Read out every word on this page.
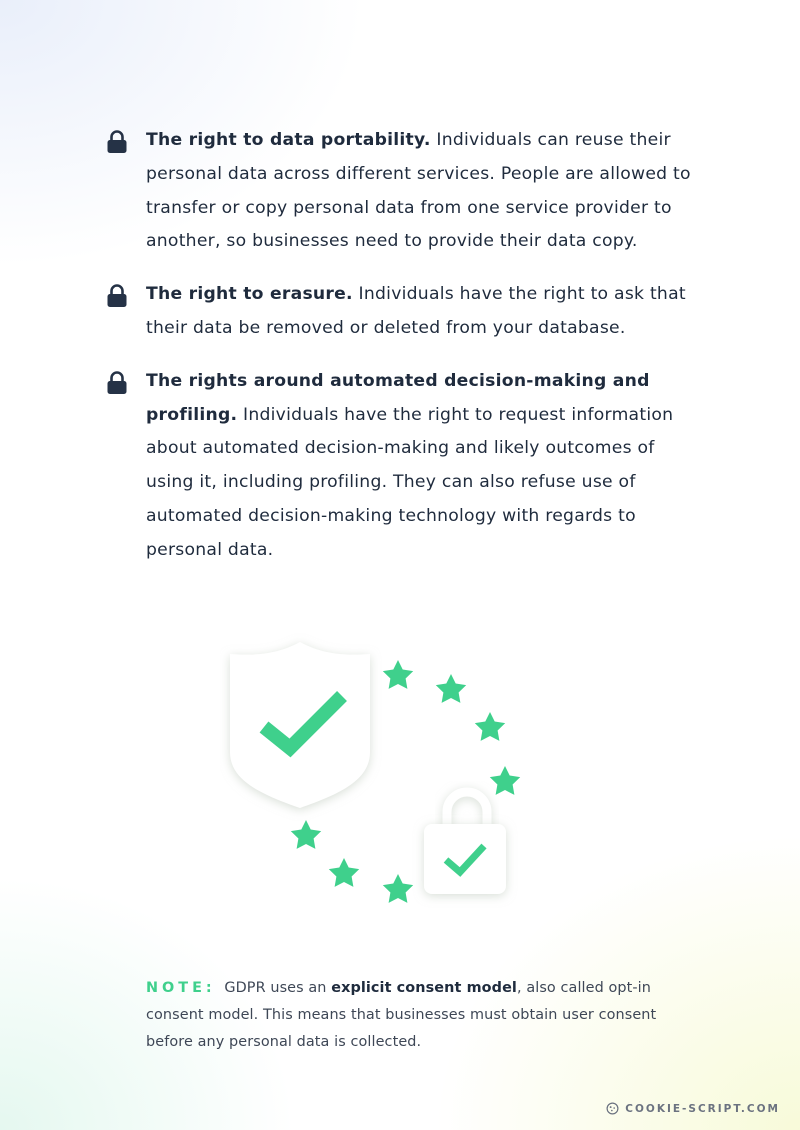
The right to data portability. Individuals can reuse their personal data across different services. People are allowed to transfer or copy personal data from one service provider to another, so businesses need to provide their data copy.

The right to erasure. Individuals have the right to ask that their data be removed or deleted from your database.

The rights around automated decision-making and profiling. Individuals have the right to request information about automated decision-making and likely outcomes of using it, including profiling. They can also refuse use of automated decision-making technology with regards to personal data.

NOTE: GDPR uses an explicit consent model, also called opt-in consent model. This means that businesses must obtain user consent before any personal data is collected.
COOKIE-SCRIPT.COM
